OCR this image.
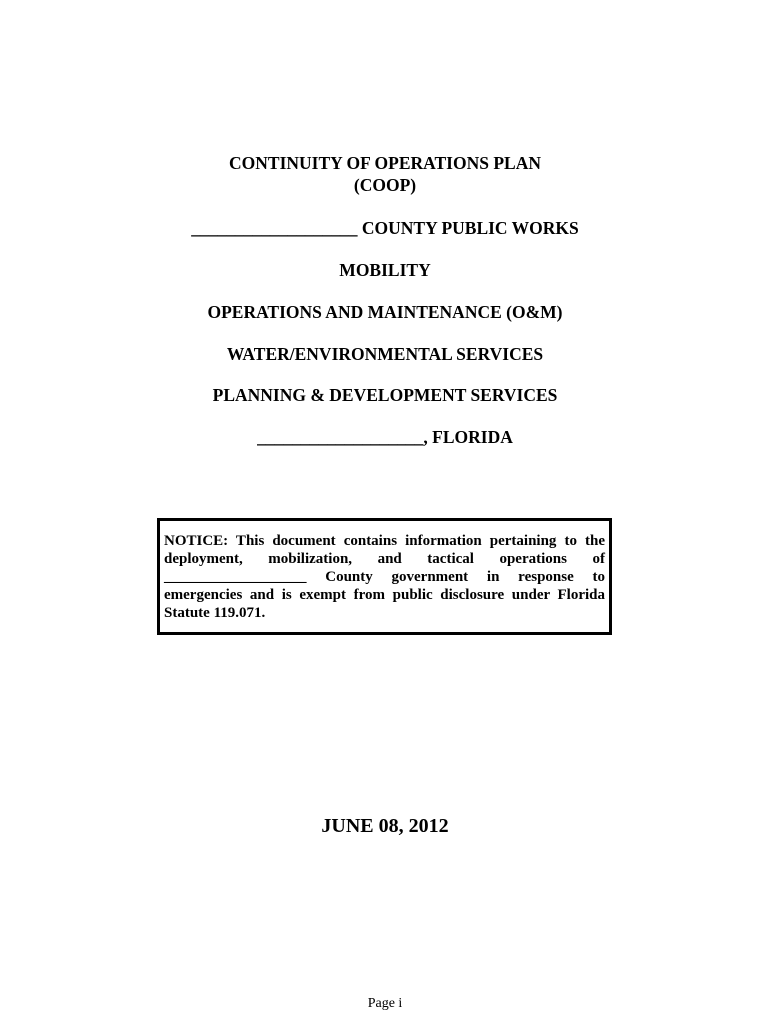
CONTINUITY OF OPERATIONS PLAN
(COOP)
___________________ COUNTY PUBLIC WORKS
MOBILITY
OPERATIONS AND MAINTENANCE (O&M)
WATER/ENVIRONMENTAL SERVICES
PLANNING & DEVELOPMENT SERVICES
___________________, FLORIDA
NOTICE: This document contains information pertaining to the deployment, mobilization, and tactical operations of ___________________ County government in response to emergencies and is exempt from public disclosure under Florida Statute 119.071.
JUNE 08, 2012
Page i
